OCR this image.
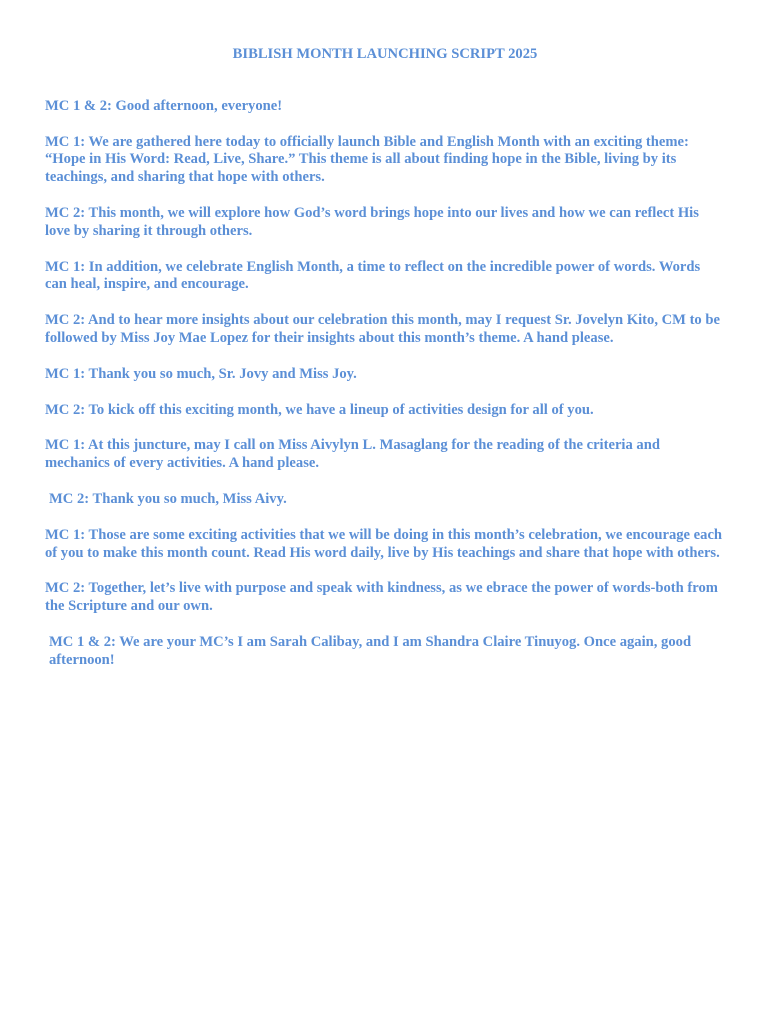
BIBLISH MONTH LAUNCHING SCRIPT 2025
MC 1 & 2: Good afternoon, everyone!
MC 1: We are gathered here today to officially launch Bible and English Month with an exciting theme: “Hope in His Word: Read, Live, Share.” This theme is all about finding hope in the Bible, living by its teachings, and sharing that hope with others.
MC 2: This month, we will explore how God’s word brings hope into our lives and how we can reflect His love by sharing it through others.
MC 1: In addition, we celebrate English Month, a time to reflect on the incredible power of words. Words can heal, inspire, and encourage.
MC 2: And to hear more insights about our celebration this month, may I request Sr. Jovelyn Kito, CM to be followed by Miss Joy Mae Lopez for their insights about this month’s theme. A hand please.
MC 1: Thank you so much, Sr. Jovy and Miss Joy.
MC 2: To kick off this exciting month, we have a lineup of activities design for all of you.
MC 1: At this juncture, may I call on Miss Aivylyn L. Masaglang for the reading of the criteria and mechanics of every activities. A hand please.
MC 2: Thank you so much, Miss Aivy.
MC 1: Those are some exciting activities that we will be doing in this month’s celebration, we encourage each of you to make this month count. Read His word daily, live by His teachings and share that hope with others.
MC 2: Together, let’s live with purpose and speak with kindness, as we ebrace the power of words-both from the Scripture and our own.
MC 1 & 2: We are your MC’s I am Sarah Calibay, and I am Shandra Claire Tinuyog. Once again, good afternoon!
